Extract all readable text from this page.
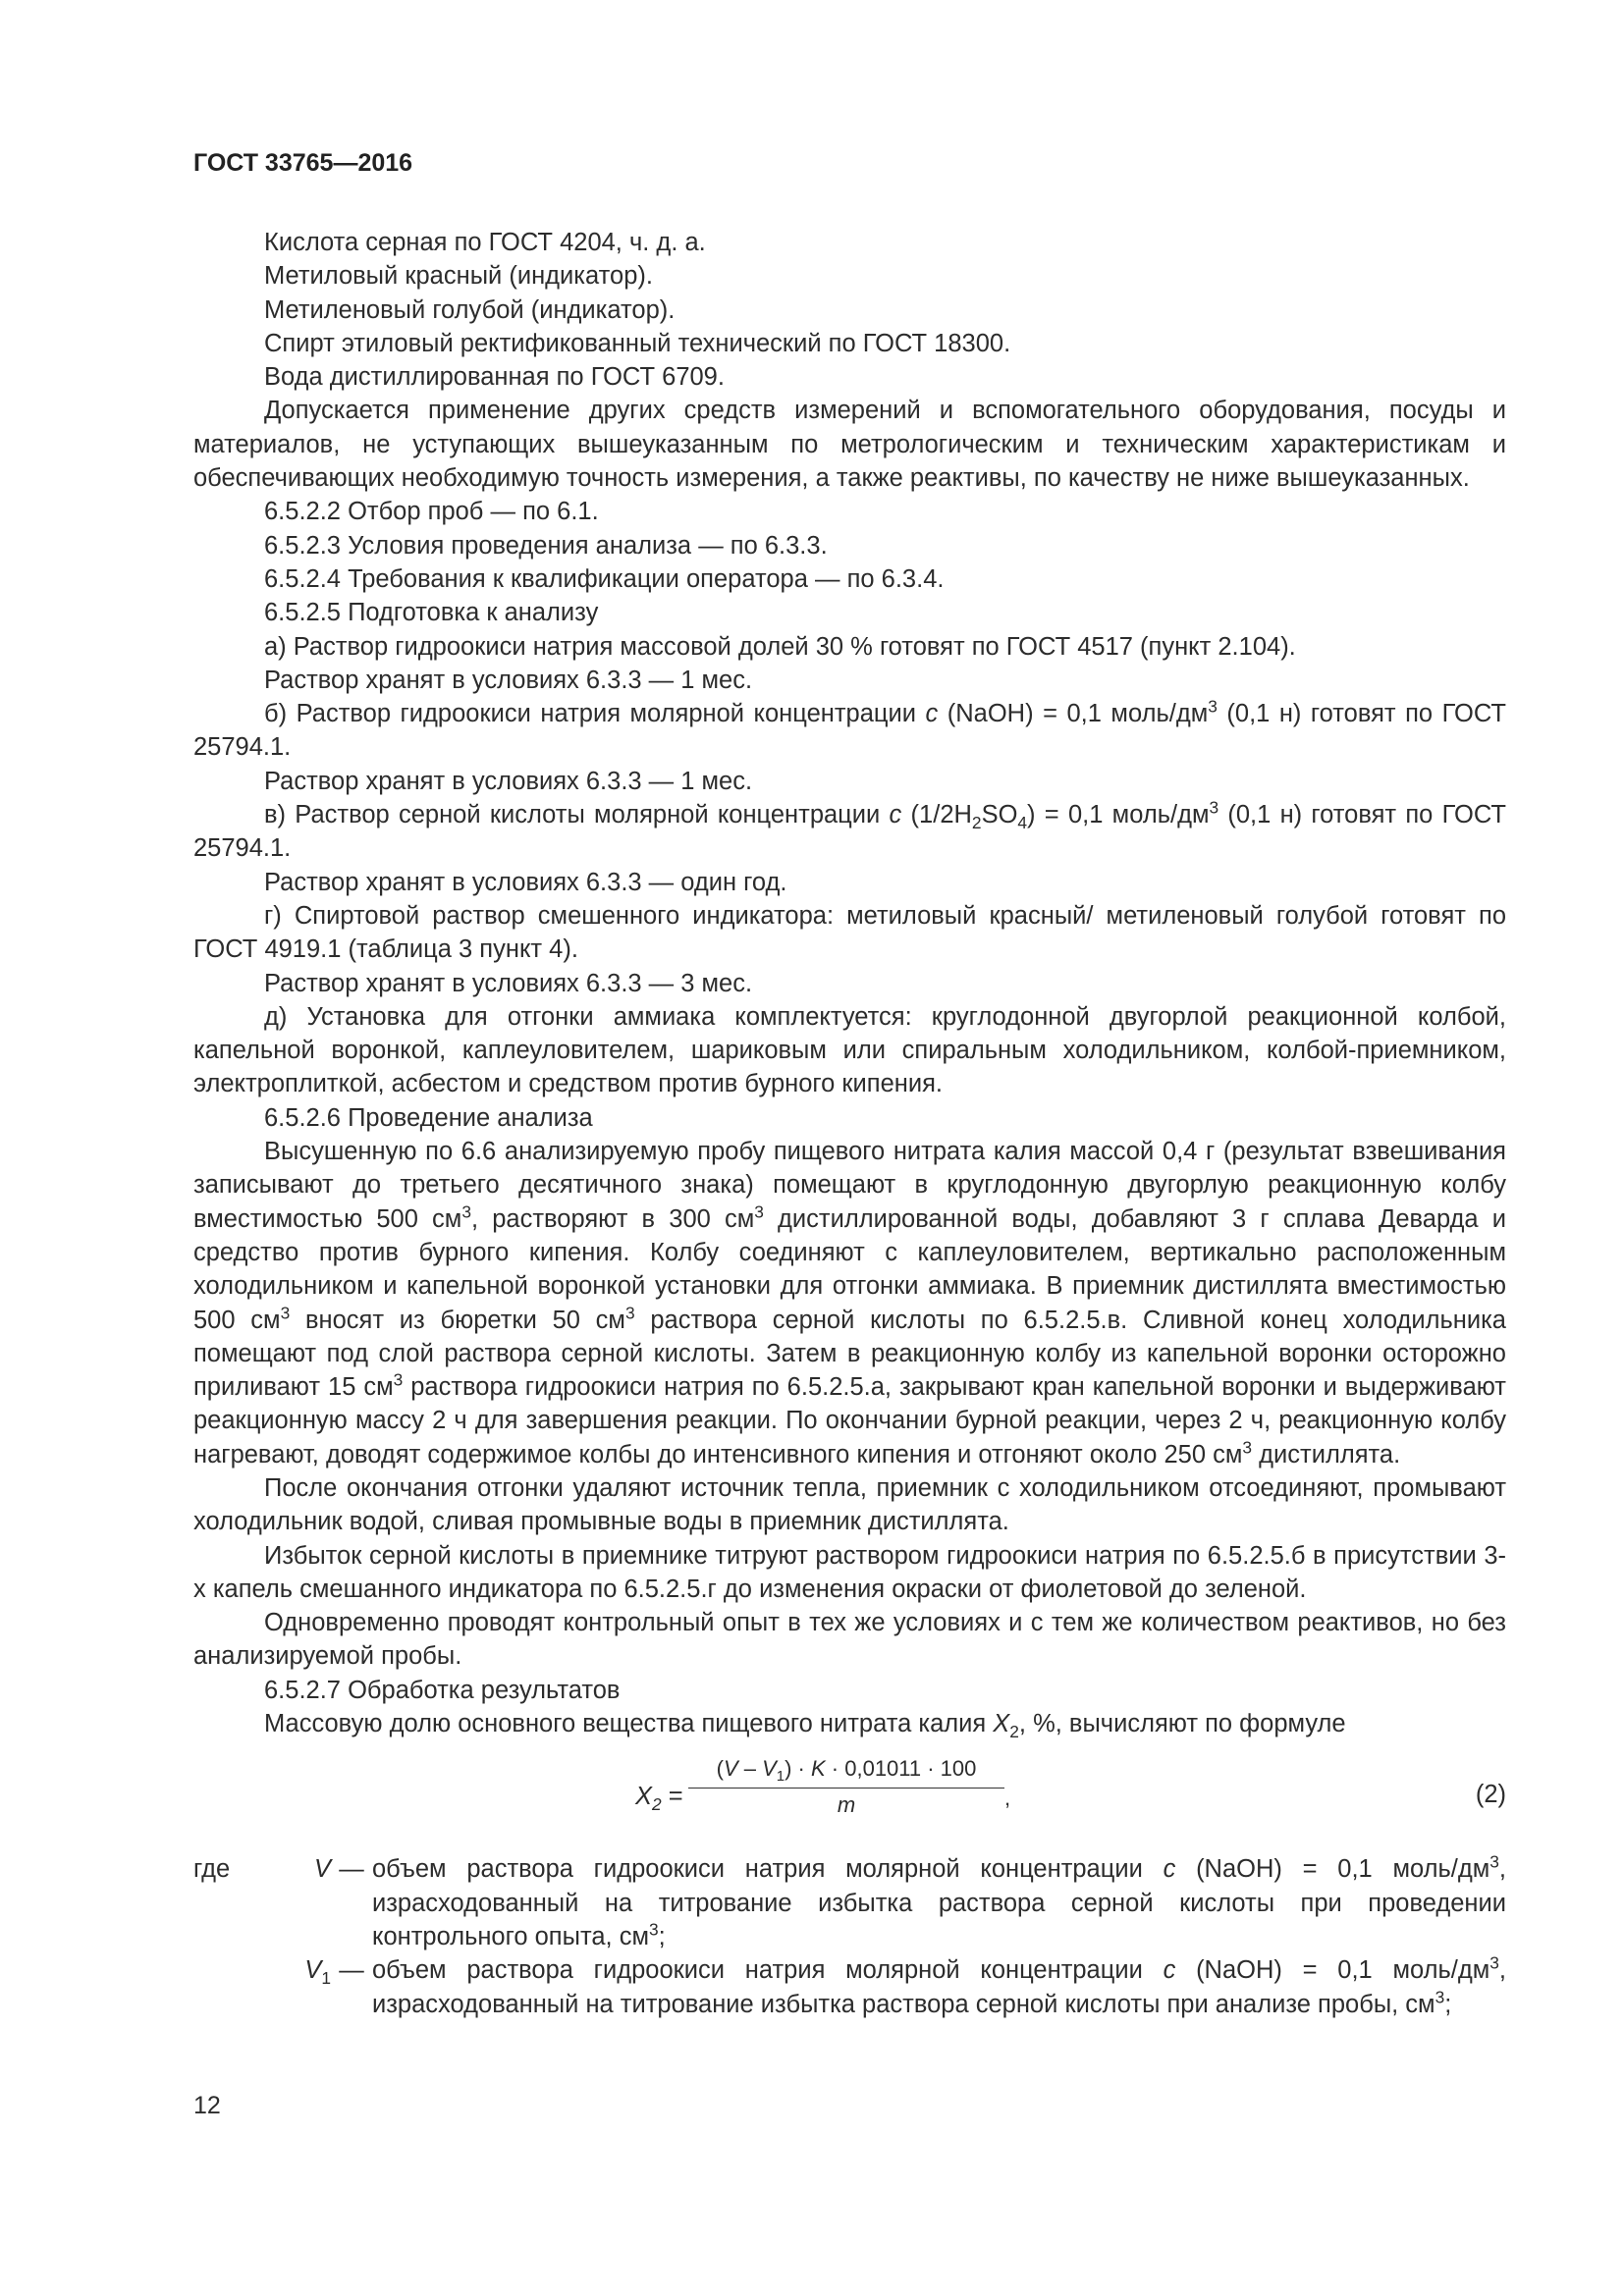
ГОСТ 33765—2016

Кислота серная по ГОСТ 4204, ч. д. а.

Метиловый красный (индикатор).

Метиленовый голубой (индикатор).

Спирт этиловый ректификованный технический по ГОСТ 18300.

Вода дистиллированная по ГОСТ 6709.

Допускается применение других средств измерений и вспомогательного оборудования, посуды и материалов, не уступающих вышеуказанным по метрологическим и техническим характеристикам и обеспечивающих необходимую точность измерения, а также реактивы, по качеству не ниже вышеуказанных.

6.5.2.2 Отбор проб — по 6.1.

6.5.2.3 Условия проведения анализа — по 6.3.3.

6.5.2.4 Требования к квалификации оператора — по 6.3.4.

6.5.2.5 Подготовка к анализу

а) Раствор гидроокиси натрия массовой долей 30 % готовят по ГОСТ 4517 (пункт 2.104).

Раствор хранят в условиях 6.3.3 — 1 мес.

б) Раствор гидроокиси натрия молярной концентрации c (NaOH) = 0,1 моль/$дм^3$ (0,1 н) готовят по ГОСТ 25794.1.

Раствор хранят в условиях 6.3.3 — 1 мес.

в) Раствор серной кислоты молярной концентрации c $(1/2H_2SO_4) = 0,1$ моль/$дм^3$ (0,1 н) готовят по ГОСТ 25794.1.

Раствор хранят в условиях 6.3.3 — один год.

г) Спиртовой раствор смешенного индикатора: метиловый красный/ метиленовый голубой готовят по ГОСТ 4919.1 (таблица 3 пункт 4).

Раствор хранят в условиях 6.3.3 — 3 мес.

д) Установка для отгонки аммиака комплектуется: круглодонной двугорлой реакционной колбой, капельной воронкой, каплеуловителем, шариковым или спиральным холодильником, колбой-приемником, электроплиткой, асбестом и средством против бурного кипения.

6.5.2.6 Проведение анализа

Высушенную по 6.6 анализируемую пробу пищевого нитрата калия массой 0,4 г (результат взвешивания записывают до третьего десятичного знака) помещают в круглодонную двугорлую реакционную колбу вместимостью 500 $см^3$, растворяют в 300 $см^3$ дистиллированной воды, добавляют 3 г сплава Деварда и средство против бурного кипения. Колбу соединяют с каплеуловителем, вертикально расположенным холодильником и капельной воронкой установки для отгонки аммиака. В приемник дистиллята вместимостью 500 $см^3$ вносят из бюретки 50 $см^3$ раствора серной кислоты по 6.5.2.5.в. Сливной конец холодильника помещают под слой раствора серной кислоты. Затем в реакционную колбу из капельной воронки осторожно приливают 15 $см^3$ раствора гидроокиси натрия по 6.5.2.5.а, закрывают кран капельной воронки и выдерживают реакционную массу 2 ч для завершения реакции. По окончании бурной реакции, через 2 ч, реакционную колбу нагревают, доводят содержимое колбы до интенсивного кипения и отгоняют около 250 $см^3$ дистиллята.

После окончания отгонки удаляют источник тепла, приемник с холодильником отсоединяют, промывают холодильник водой, сливая промывные воды в приемник дистиллята.

Избыток серной кислоты в приемнике титруют раствором гидроокиси натрия по 6.5.2.5.б в присутствии 3-х капель смешанного индикатора по 6.5.2.5.г до изменения окраски от фиолетовой до зеленой.

Одновременно проводят контрольный опыт в тех же условиях и с тем же количеством реактивов, но без анализируемой пробы.

6.5.2.7 Обработка результатов

Массовую долю основного вещества пищевого нитрата калия $X_2$, %, вычисляют по формуле

$X_2 = \frac{(V - V_1) \cdot K \cdot 0,01011 \cdot 100}{m}$ ,	(2)
где	V — объем раствора гидроокиси натрия молярной концентрации c (NaOH) = 0,1 моль/$дм^3$, израсходованный на титрование избытка раствора серной кислоты при проведении контрольного опыта, $см^3$;
$V_1$ — объем раствора гидроокиси натрия молярной концентрации c (NaOH) = 0,1 моль/$дм^3$, израсходованный на титрование избытка раствора серной кислоты при анализе пробы, $см^3$;
12
